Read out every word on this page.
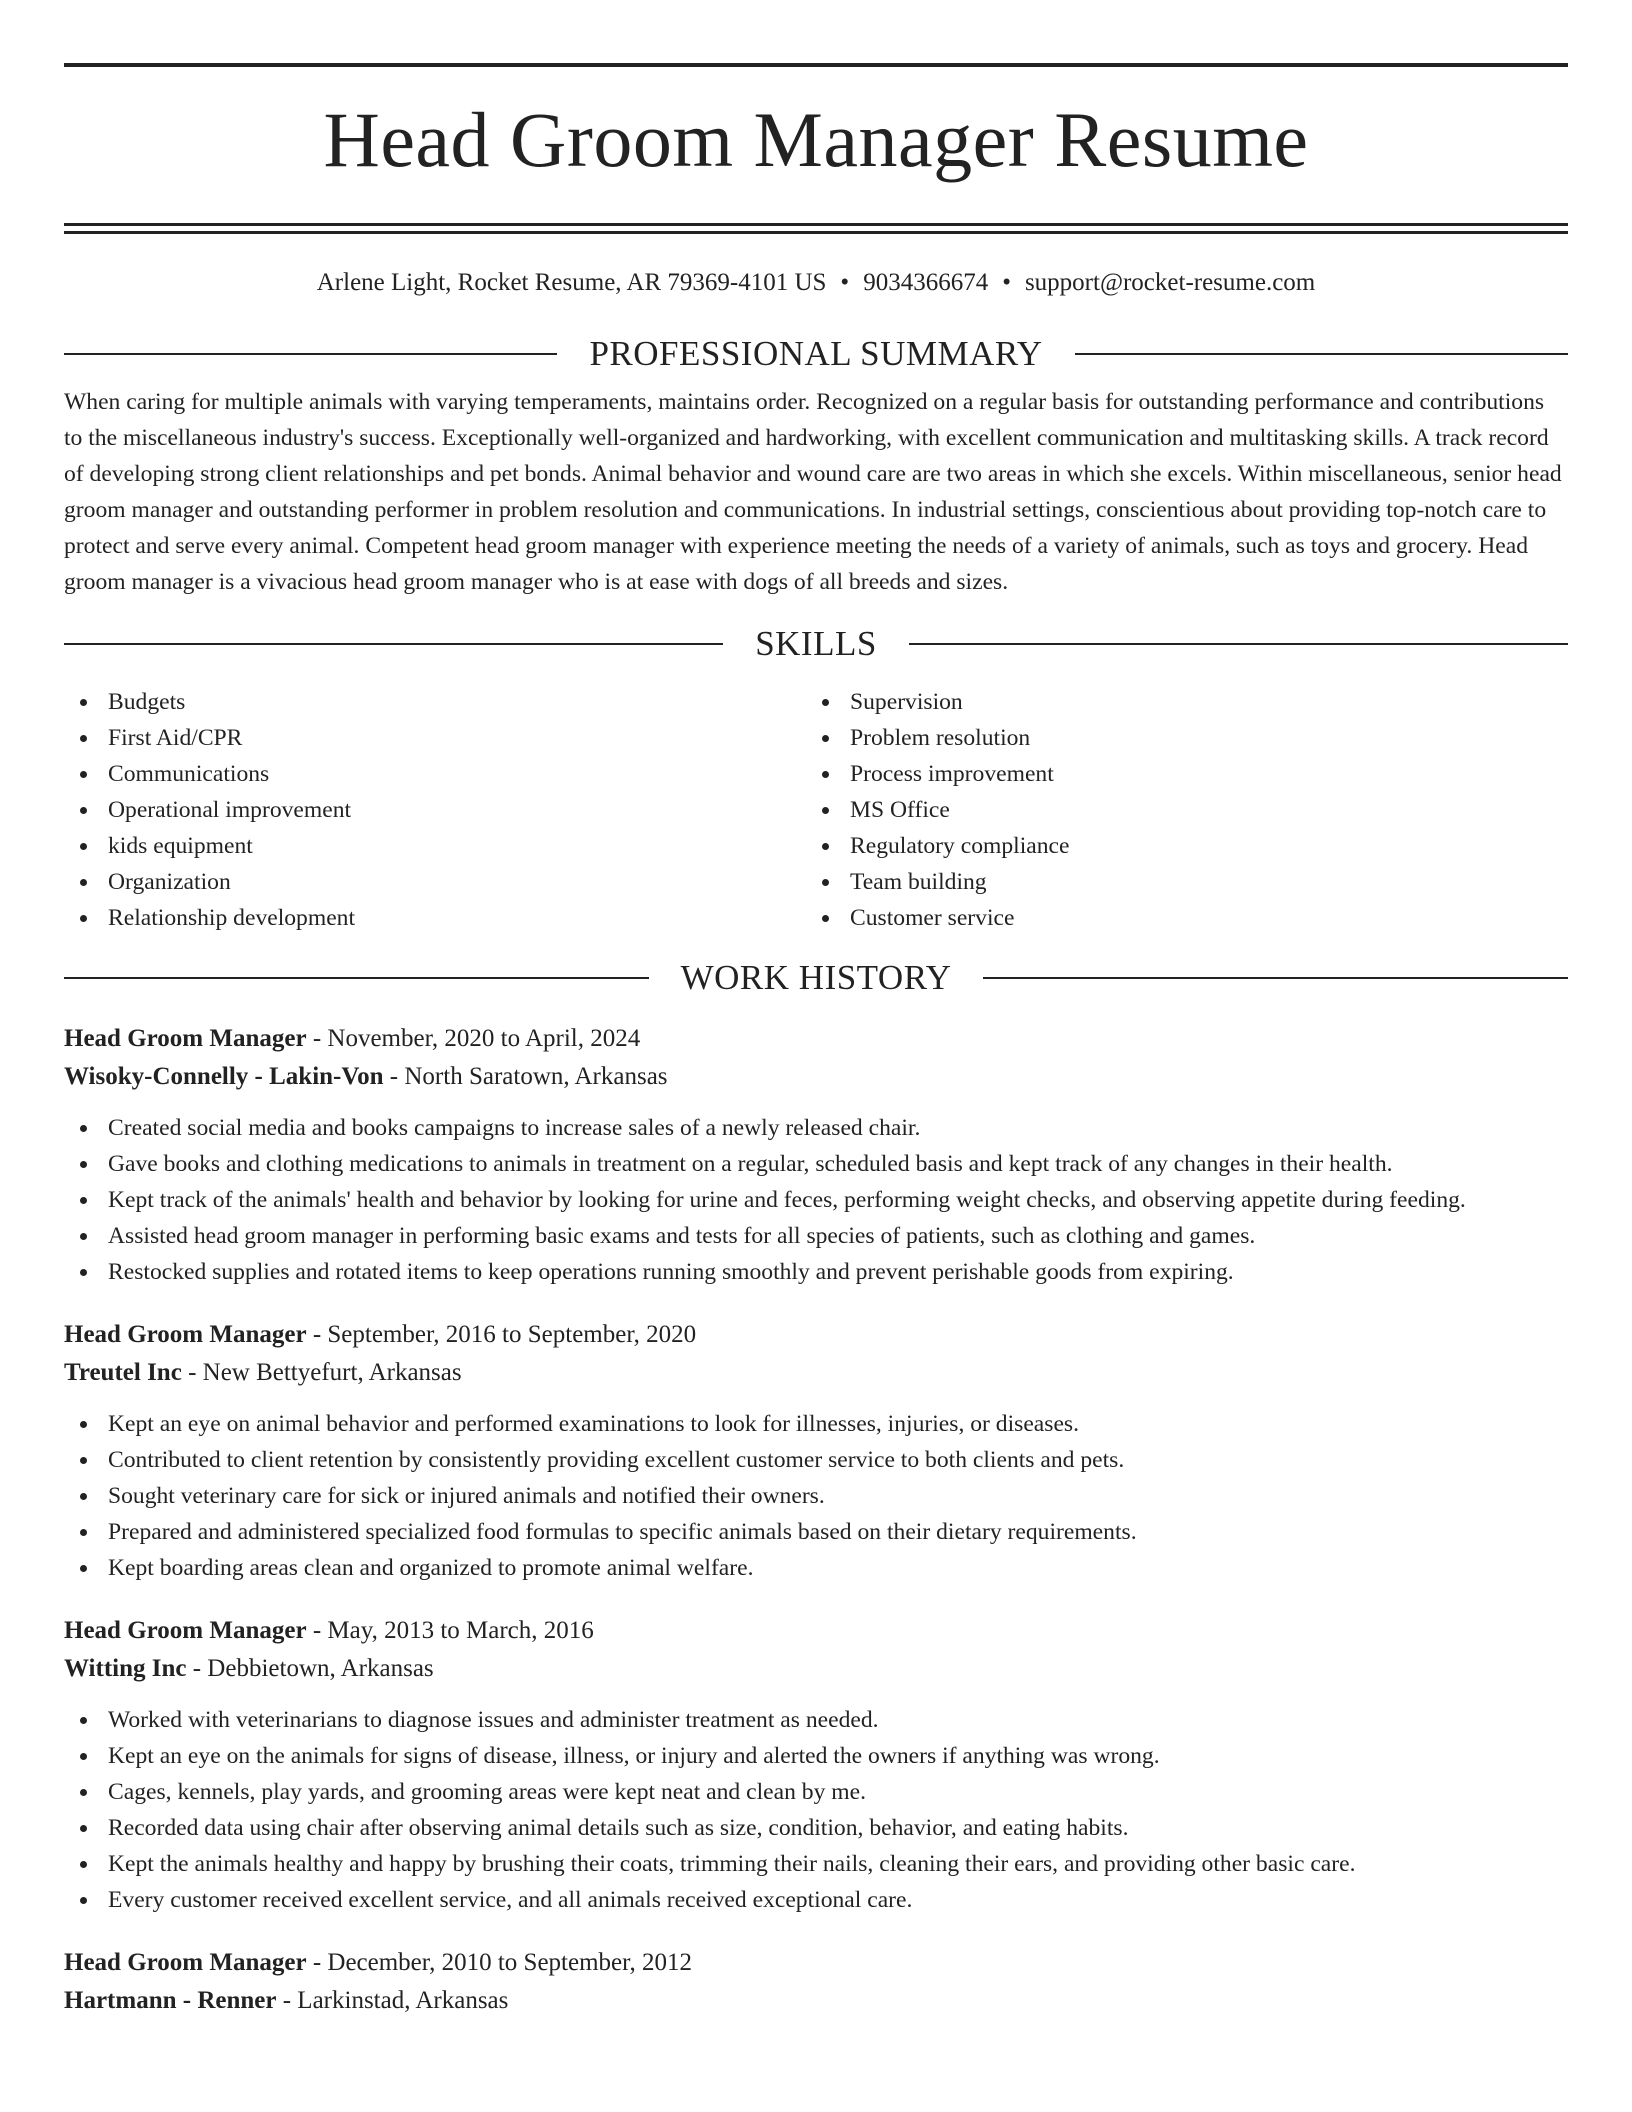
Head Groom Manager Resume
Arlene Light, Rocket Resume, AR 79369-4101 US • 9034366674 • support@rocket-resume.com
PROFESSIONAL SUMMARY

When caring for multiple animals with varying temperaments, maintains order. Recognized on a regular basis for outstanding performance and contributions to the miscellaneous industry's success. Exceptionally well-organized and hardworking, with excellent communication and multitasking skills. A track record of developing strong client relationships and pet bonds. Animal behavior and wound care are two areas in which she excels. Within miscellaneous, senior head groom manager and outstanding performer in problem resolution and communications. In industrial settings, conscientious about providing top-notch care to protect and serve every animal. Competent head groom manager with experience meeting the needs of a variety of animals, such as toys and grocery. Head groom manager is a vivacious head groom manager who is at ease with dogs of all breeds and sizes.

SKILLS
Budgets
First Aid/CPR
Communications
Operational improvement
kids equipment
Organization
Relationship development
Supervision
Problem resolution
Process improvement
MS Office
Regulatory compliance
Team building
Customer service
WORK HISTORY
Head Groom Manager - November, 2020 to April, 2024
Wisoky-Connelly - Lakin-Von - North Saratown, Arkansas
Created social media and books campaigns to increase sales of a newly released chair.
Gave books and clothing medications to animals in treatment on a regular, scheduled basis and kept track of any changes in their health.
Kept track of the animals' health and behavior by looking for urine and feces, performing weight checks, and observing appetite during feeding.
Assisted head groom manager in performing basic exams and tests for all species of patients, such as clothing and games.
Restocked supplies and rotated items to keep operations running smoothly and prevent perishable goods from expiring.
Head Groom Manager - September, 2016 to September, 2020
Treutel Inc - New Bettyefurt, Arkansas
Kept an eye on animal behavior and performed examinations to look for illnesses, injuries, or diseases.
Contributed to client retention by consistently providing excellent customer service to both clients and pets.
Sought veterinary care for sick or injured animals and notified their owners.
Prepared and administered specialized food formulas to specific animals based on their dietary requirements.
Kept boarding areas clean and organized to promote animal welfare.
Head Groom Manager - May, 2013 to March, 2016
Witting Inc - Debbietown, Arkansas
Worked with veterinarians to diagnose issues and administer treatment as needed.
Kept an eye on the animals for signs of disease, illness, or injury and alerted the owners if anything was wrong.
Cages, kennels, play yards, and grooming areas were kept neat and clean by me.
Recorded data using chair after observing animal details such as size, condition, behavior, and eating habits.
Kept the animals healthy and happy by brushing their coats, trimming their nails, cleaning their ears, and providing other basic care.
Every customer received excellent service, and all animals received exceptional care.
Head Groom Manager - December, 2010 to September, 2012
Hartmann - Renner - Larkinstad, Arkansas
